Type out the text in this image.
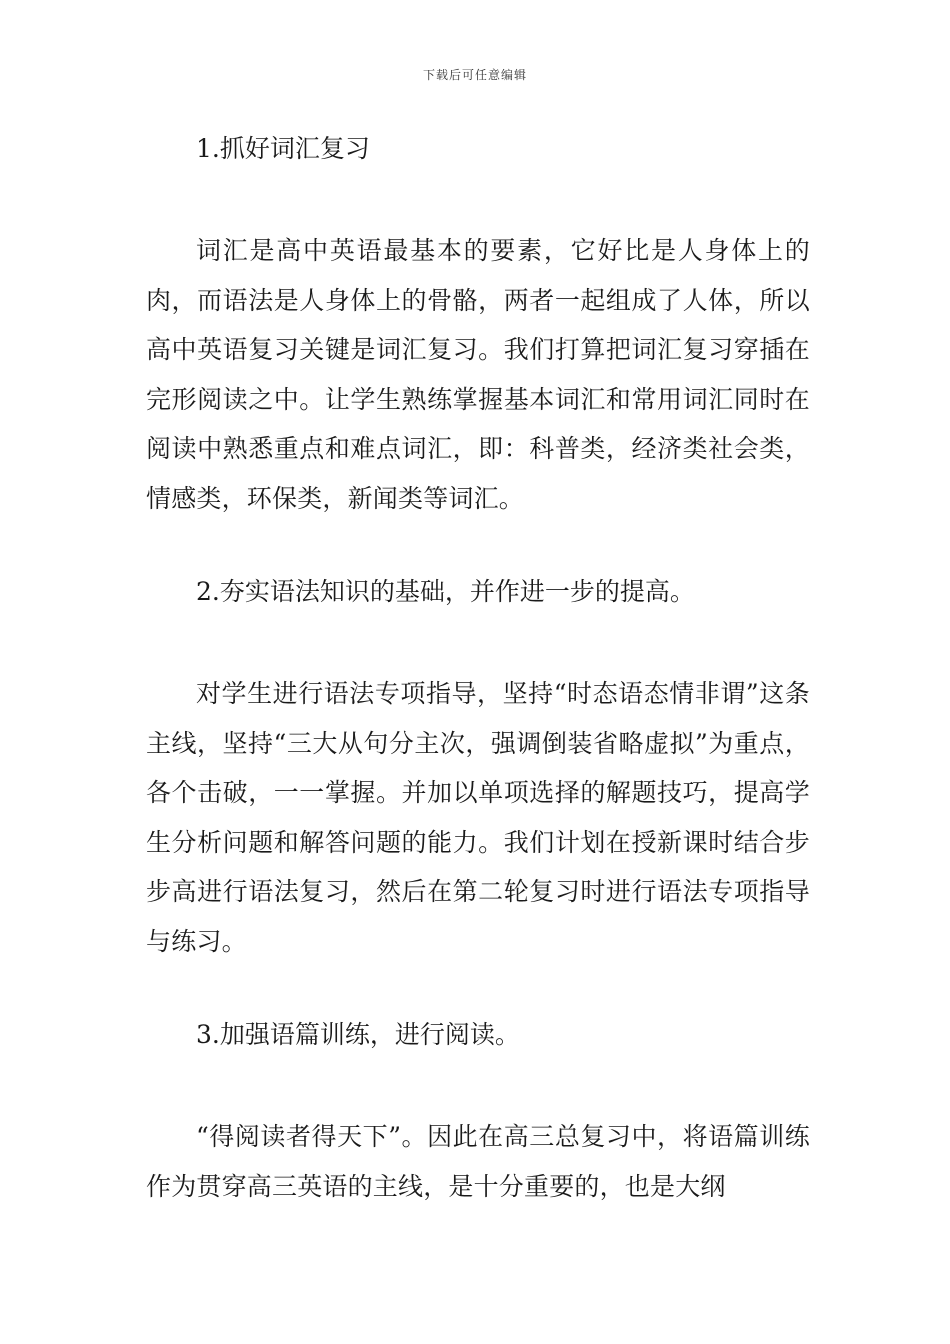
下载后可任意编辑

1.抓好词汇复习

词汇是高中英语最基本的要素，它好比是人身体上的肉，而语法是人身体上的骨骼，两者一起组成了人体，所以高中英语复习关键是词汇复习。我们打算把词汇复习穿插在完形阅读之中。让学生熟练掌握基本词汇和常用词汇同时在阅读中熟悉重点和难点词汇，即：科普类，经济类社会类，情感类，环保类，新闻类等词汇。

2.夯实语法知识的基础，并作进一步的提高。

对学生进行语法专项指导，坚持“时态语态情非谓”这条主线，坚持“三大从句分主次，强调倒装省略虚拟”为重点，各个击破，一一掌握。并加以单项选择的解题技巧，提高学生分析问题和解答问题的能力。我们计划在授新课时结合步步高进行语法复习，然后在第二轮复习时进行语法专项指导与练习。

3.加强语篇训练，进行阅读。

“得阅读者得天下”。因此在高三总复习中，将语篇训练作为贯穿高三英语的主线，是十分重要的，也是大纲
